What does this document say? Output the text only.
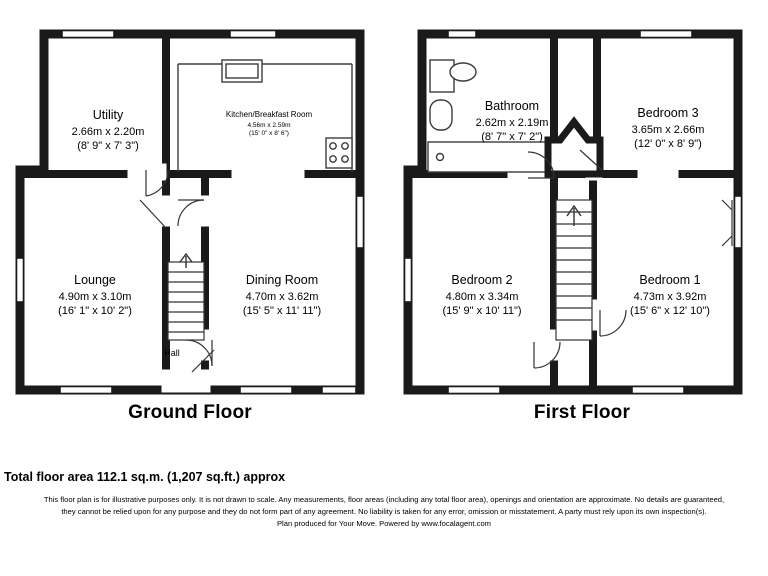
Utility
2.66m x 2.20m
(8' 9" x 7' 3")
Kitchen/Breakfast Room
4.56m x 2.59m
(15' 0" x 8' 6")
Lounge
4.90m x 3.10m
(16' 1" x 10' 2")
Dining Room
4.70m x 3.62m
(15' 5" x 11' 11")
Hall
Bathroom
2.62m x 2.19m
(8' 7" x 7' 2")
Bedroom 3
3.65m x 2.66m
(12' 0" x 8' 9")
Bedroom 2
4.80m x 3.34m
(15' 9" x 10' 11")
Bedroom 1
4.73m x 3.92m
(15' 6" x 12' 10")
Ground Floor	First Floor
Total floor area 112.1 sq.m. (1,207 sq.ft.) approx
This floor plan is for illustrative purposes only. It is not drawn to scale. Any measurements, floor areas (including any total floor area), openings and orientation are approximate. No details are guaranteed,
they cannot be relied upon for any purpose and they do not form part of any agreement. No liability is taken for any error, omission or misstatement. A party must rely upon its own inspection(s).
Plan produced for Your Move. Powered by www.focalagent.com
